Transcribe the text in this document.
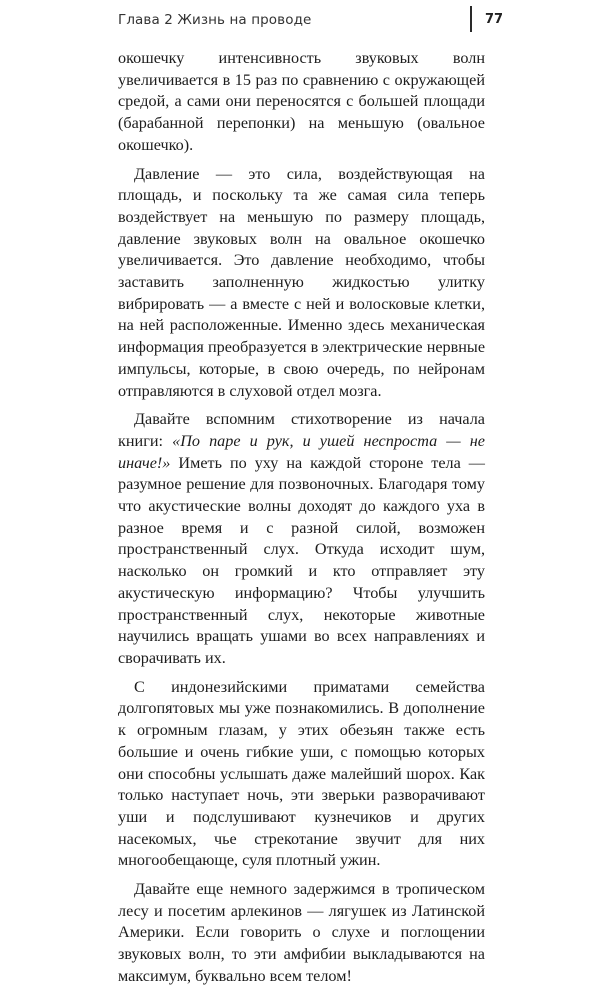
Глава 2 Жизнь на проводе	77

окошечку интенсивность звуковых волн увеличивается в 15 раз по сравнению с окружающей средой, а сами они переносятся с большей площади (барабанной перепонки) на меньшую (овальное окошечко).

Давление — это сила, воздействующая на площадь, и поскольку та же самая сила теперь воздействует на меньшую по размеру площадь, давление звуковых волн на овальное окошечко увеличивается. Это давление необходимо, чтобы заставить заполненную жидкостью улитку вибрировать — а вместе с ней и волосковые клетки, на ней расположенные. Именно здесь механическая информация преобразуется в электрические нервные импульсы, которые, в свою очередь, по нейронам отправляются в слуховой отдел мозга.

Давайте вспомним стихотворение из начала книги: «По паре и рук, и ушей неспроста — не иначе!» Иметь по уху на каждой стороне тела — разумное решение для позвоночных. Благодаря тому что акустические волны доходят до каждого уха в разное время и с разной силой, возможен пространственный слух. Откуда исходит шум, насколько он громкий и кто отправляет эту акустическую информацию? Чтобы улучшить пространственный слух, некоторые животные научились вращать ушами во всех направлениях и сворачивать их.

С индонезийскими приматами семейства долгопятовых мы уже познакомились. В дополнение к огромным глазам, у этих обезьян также есть большие и очень гибкие уши, с помощью которых они способны услышать даже малейший шорох. Как только наступает ночь, эти зверьки разворачивают уши и подслушивают кузнечиков и других насекомых, чье стрекотание звучит для них многообещающе, суля плотный ужин.

Давайте еще немного задержимся в тропическом лесу и посетим арлекинов — лягушек из Латинской Америки. Если говорить о слухе и поглощении звуковых волн, то эти амфибии выкладываются на максимум, буквально всем телом!
